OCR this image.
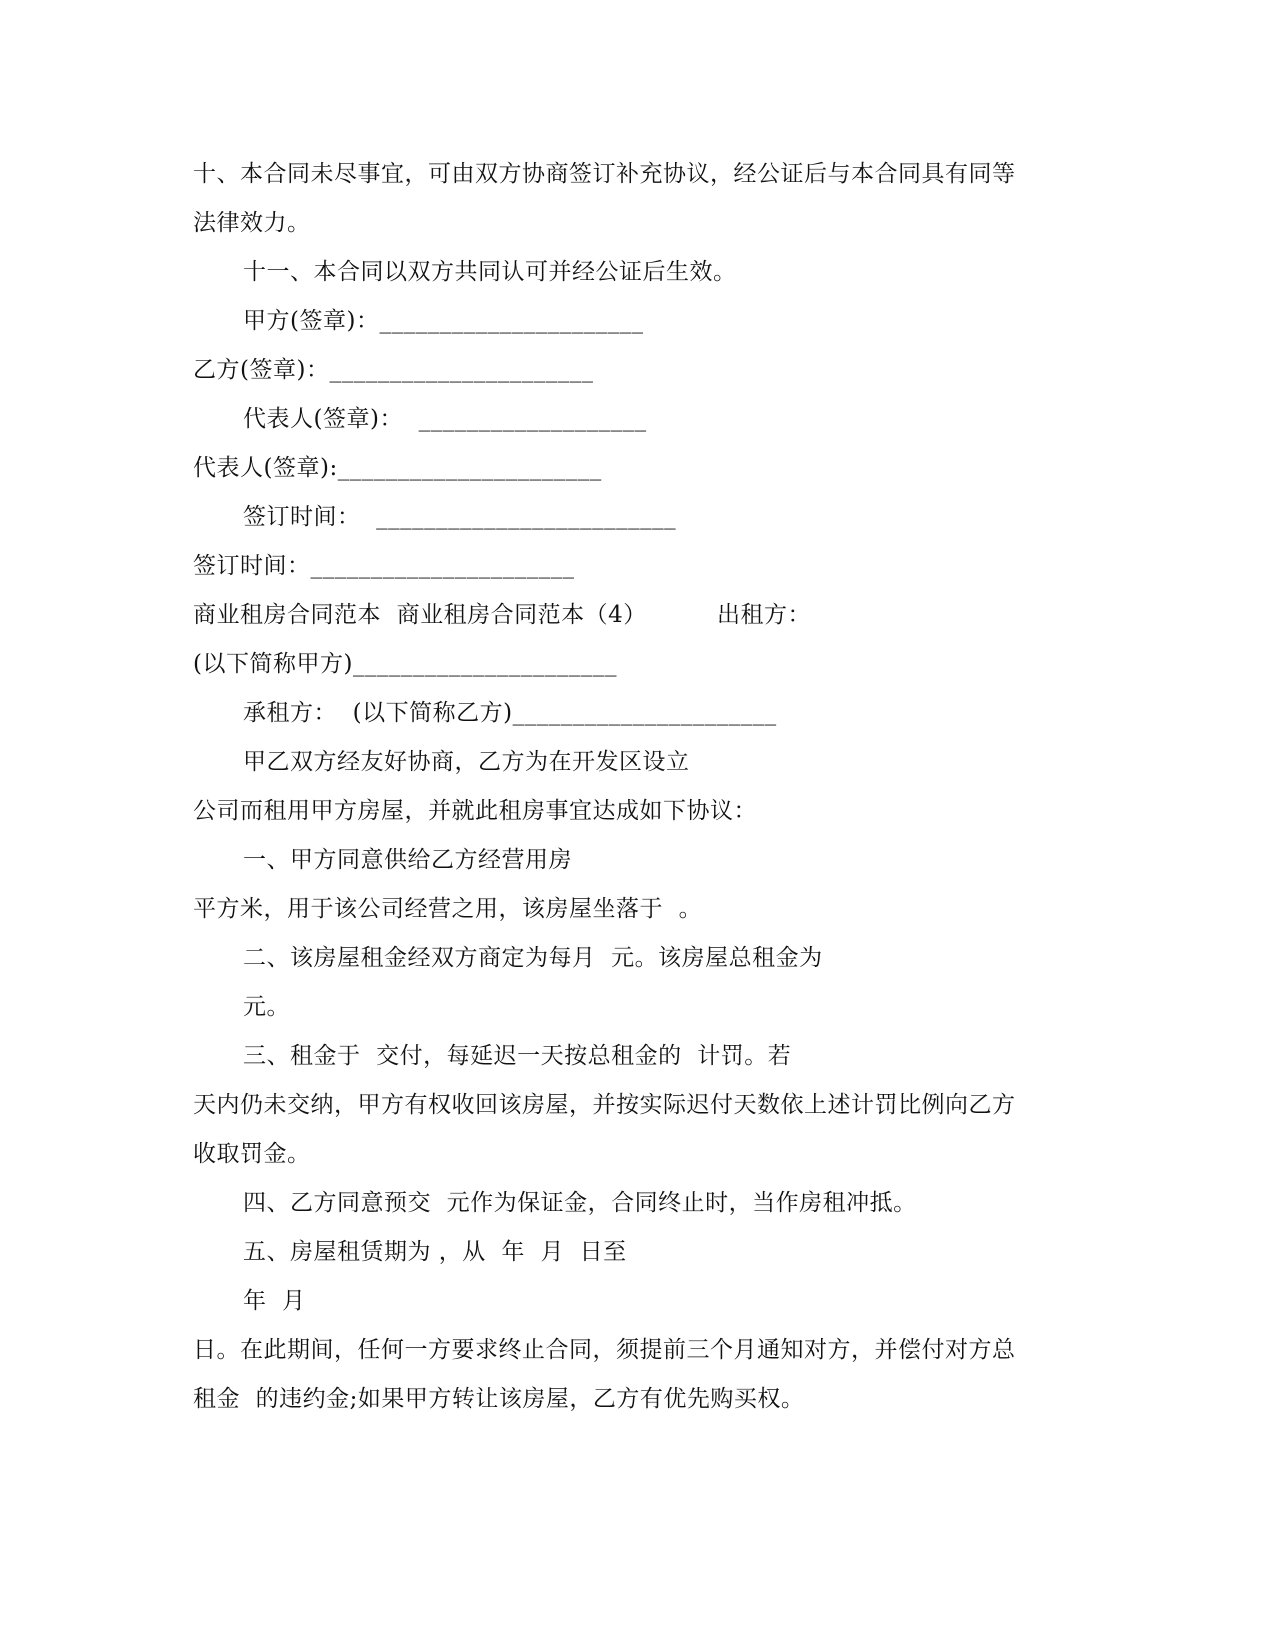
十、本合同未尽事宜，可由双方协商签订补充协议，经公证后与本合同具有同等
法律效力。
十一、本合同以双方共同认可并经公证后生效。
甲方(签章)：______________________
乙方(签章)：______________________
代表人(签章)：  ___________________
代表人(签章):______________________
签订时间：  _________________________
签订时间：______________________
商业租房合同范本  商业租房合同范本（4）         出租方：
(以下简称甲方)______________________
承租方：  (以下简称乙方)______________________
甲乙双方经友好协商，乙方为在开发区设立
公司而租用甲方房屋，并就此租房事宜达成如下协议：
一、甲方同意供给乙方经营用房
平方米，用于该公司经营之用，该房屋坐落于  。
二、该房屋租金经双方商定为每月  元。该房屋总租金为
元。
三、租金于  交付，每延迟一天按总租金的  计罚。若
天内仍未交纳，甲方有权收回该房屋，并按实际迟付天数依上述计罚比例向乙方
收取罚金。
四、乙方同意预交  元作为保证金，合同终止时，当作房租冲抵。
五、房屋租赁期为 ，从  年  月  日至
年  月
日。在此期间，任何一方要求终止合同，须提前三个月通知对方，并偿付对方总
租金  的违约金;如果甲方转让该房屋，乙方有优先购买权。
